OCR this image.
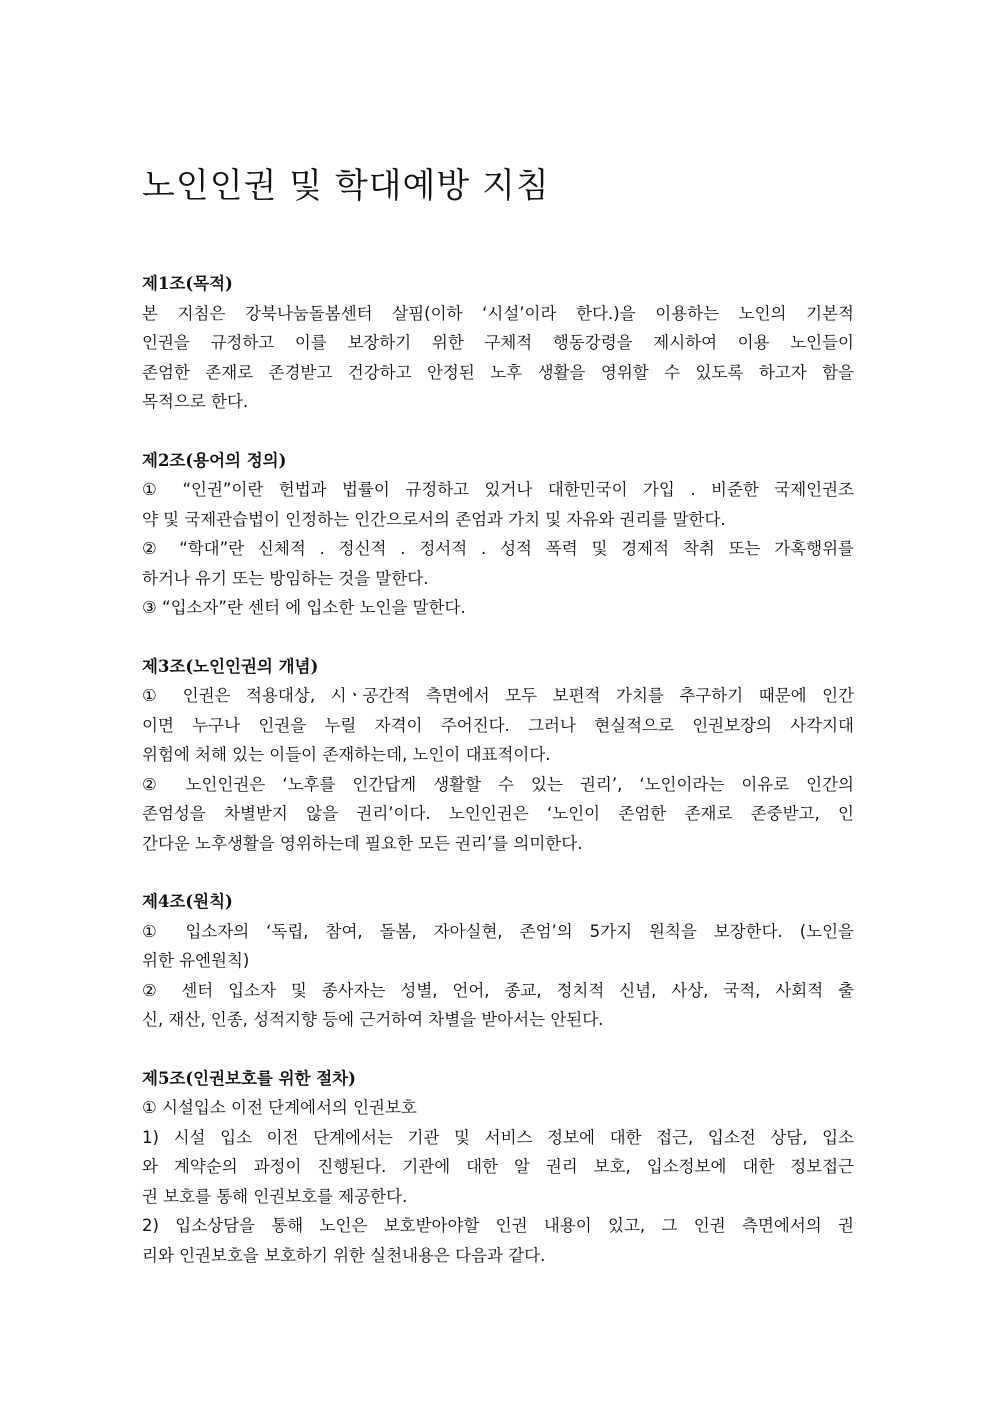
노인인권 및 학대예방 지침
제1조(목적)
본 지침은 강북나눔돌봄센터 살핌(이하 ‘시설’이라 한다.)을 이용하는 노인의 기본적
인권을 규정하고 이를 보장하기 위한 구체적 행동강령을 제시하여 이용 노인들이
존엄한 존재로 존경받고 건강하고 안정된 노후 생활을 영위할 수 있도록 하고자 함을
목적으로 한다.
제2조(용어의 정의)
① “인권”이란 헌법과 법률이 규정하고 있거나 대한민국이 가입 . 비준한 국제인권조
약 및 국제관습법이 인정하는 인간으로서의 존엄과 가치 및 자유와 권리를 말한다.
② “학대”란 신체적 . 정신적 . 정서적 . 성적 폭력 및 경제적 착취 또는 가혹행위를
하거나 유기 또는 방임하는 것을 말한다.
③ “입소자”란 센터 에 입소한 노인을 말한다.
제3조(노인인권의 개념)
① 인권은 적용대상, 시ㆍ공간적 측면에서 모두 보편적 가치를 추구하기 때문에 인간
이면 누구나 인권을 누릴 자격이 주어진다. 그러나 현실적으로 인권보장의 사각지대
위험에 처해 있는 이들이 존재하는데, 노인이 대표적이다.
② 노인인권은 ‘노후를 인간답게 생활할 수 있는 권리’, ‘노인이라는 이유로 인간의
존엄성을 차별받지 않을 권리’이다. 노인인권은 ‘노인이 존엄한 존재로 존중받고, 인
간다운 노후생활을 영위하는데 필요한 모든 권리’를 의미한다.
제4조(원칙)
① 입소자의 ‘독립, 참여, 돌봄, 자아실현, 존엄’의 5가지 원칙을 보장한다. (노인을
위한 유엔원칙)
② 센터 입소자 및 종사자는 성별, 언어, 종교, 정치적 신념, 사상, 국적, 사회적 출
신, 재산, 인종, 성적지향 등에 근거하여 차별을 받아서는 안된다.
제5조(인권보호를 위한 절차)
① 시설입소 이전 단계에서의 인권보호
1) 시설 입소 이전 단계에서는 기관 및 서비스 정보에 대한 접근, 입소전 상담, 입소
와 계약순의 과정이 진행된다. 기관에 대한 알 권리 보호, 입소정보에 대한 정보접근
권 보호를 통해 인권보호를 제공한다.
2) 입소상담을 통해 노인은 보호받아야할 인권 내용이 있고, 그 인권 측면에서의 권
리와 인권보호을 보호하기 위한 실천내용은 다음과 같다.
